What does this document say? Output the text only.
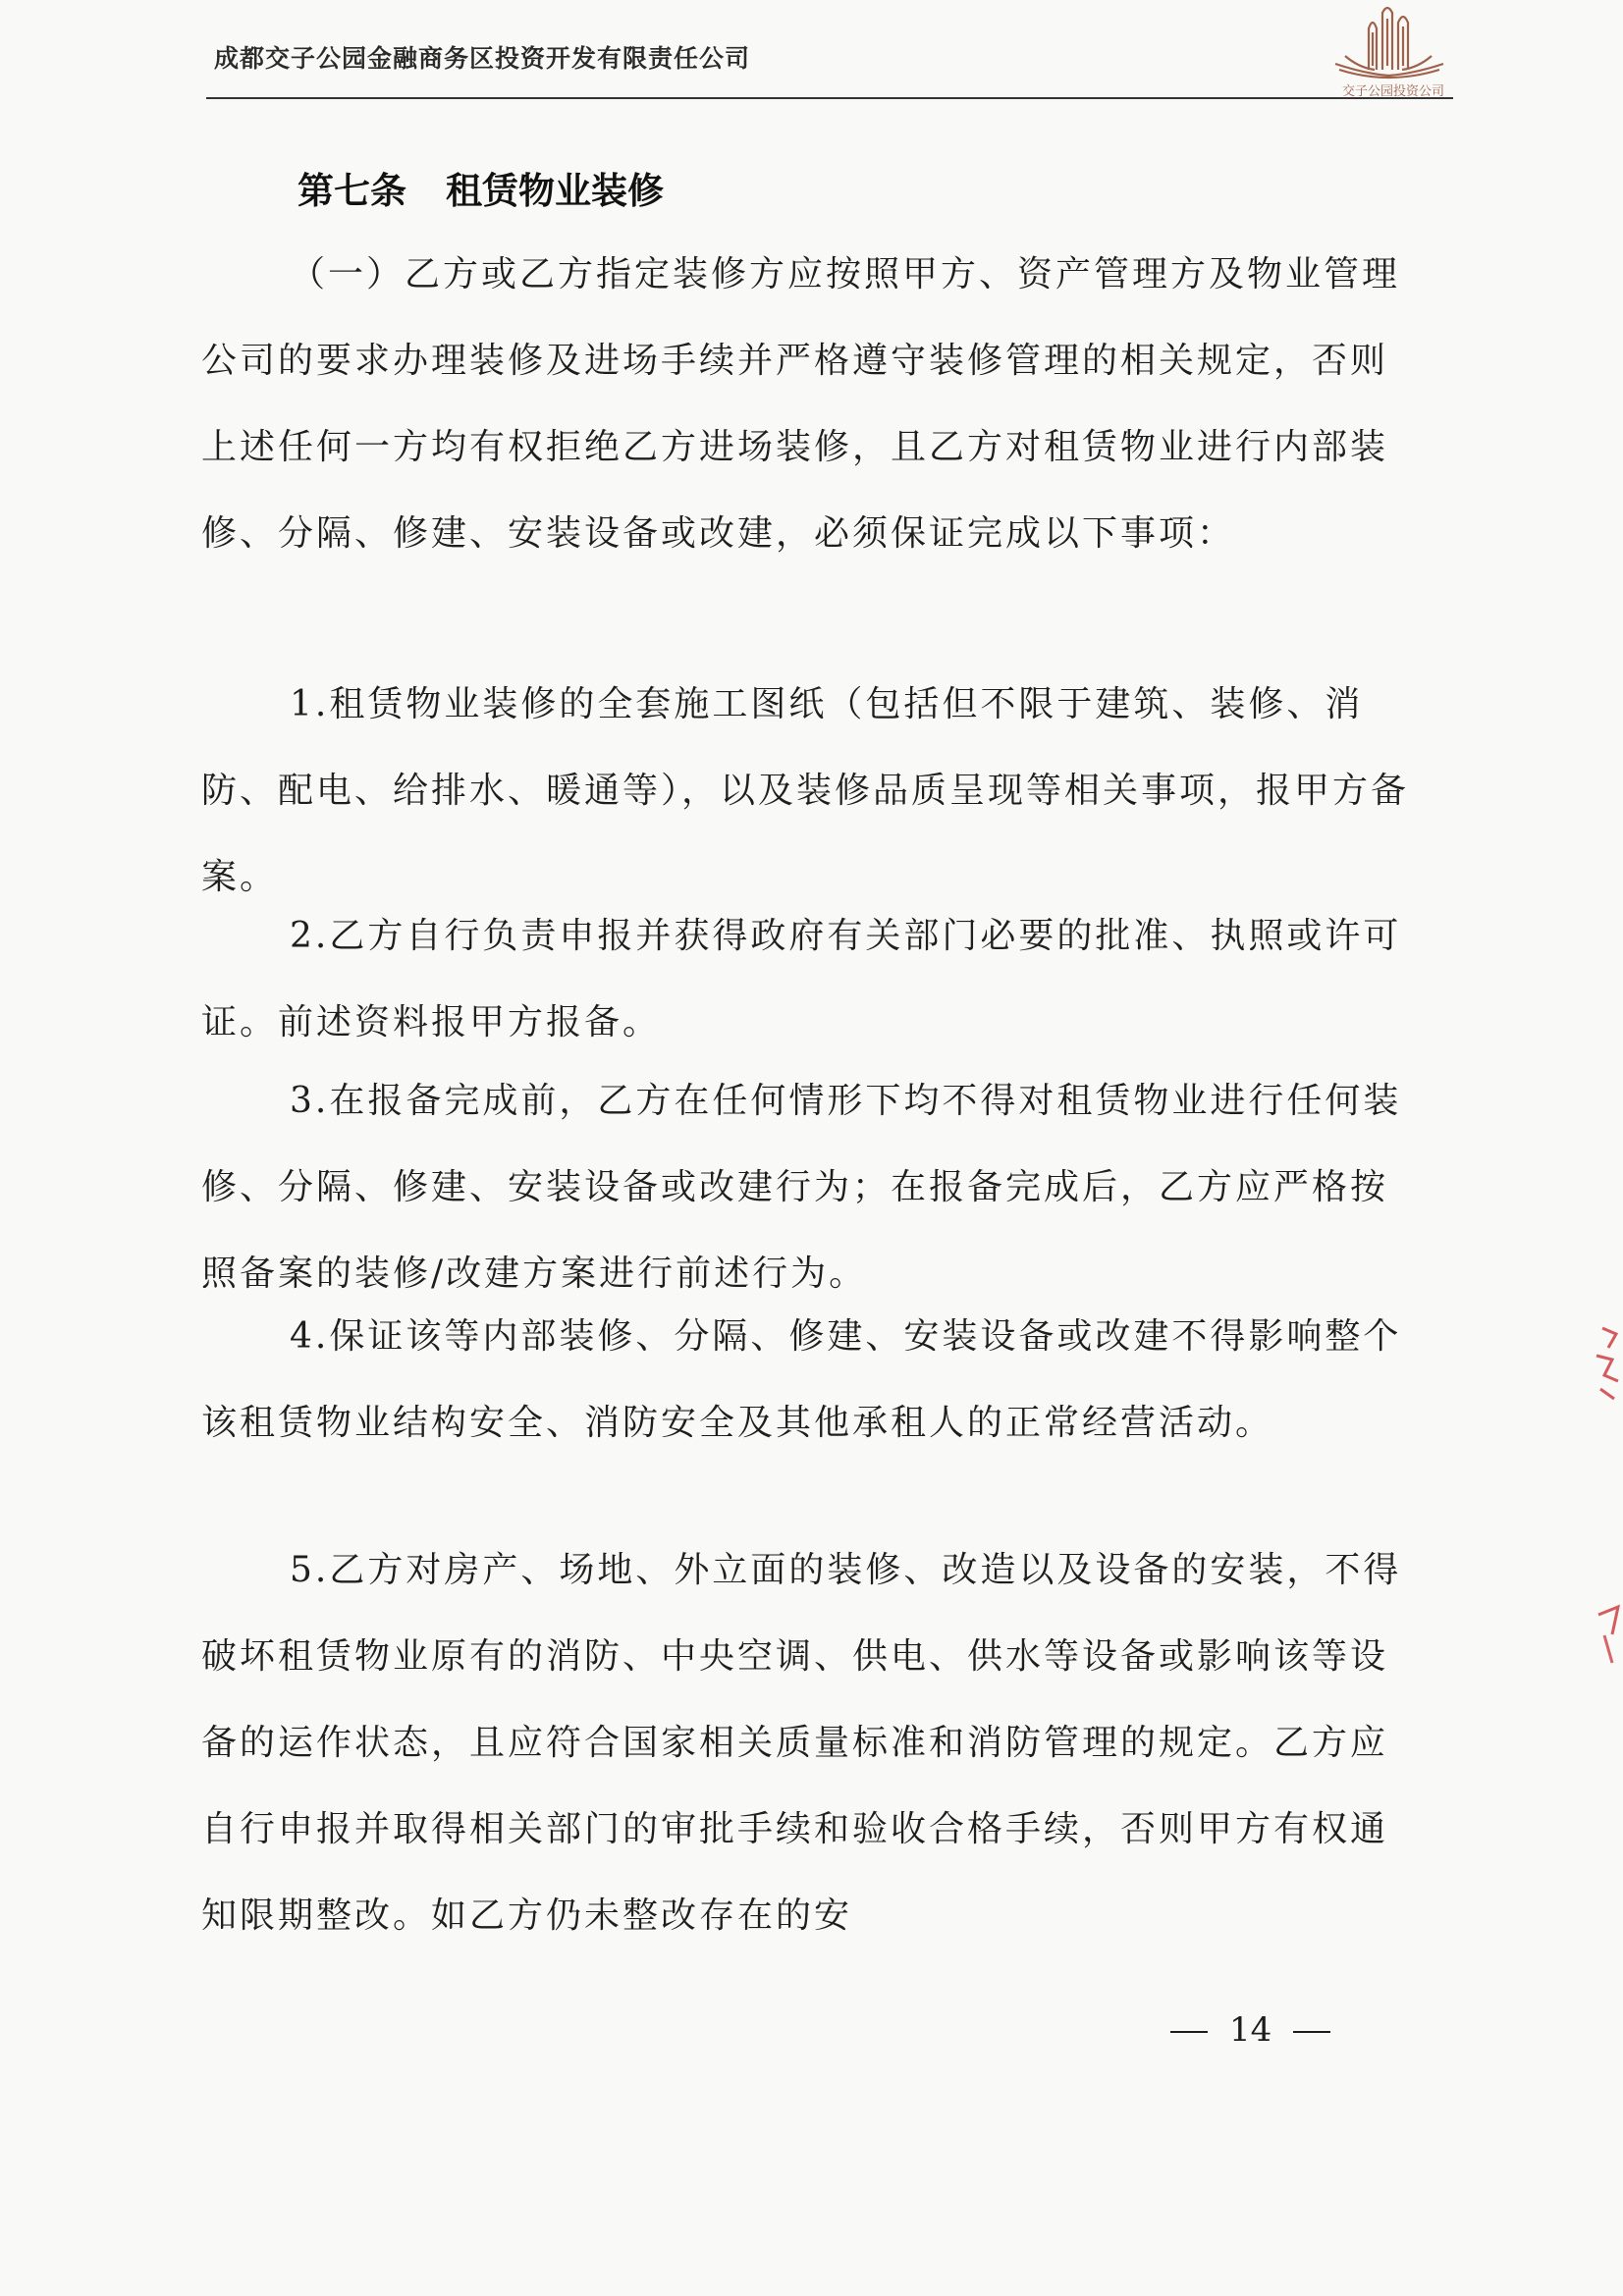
成都交子公园金融商务区投资开发有限责任公司
交子公园投资公司
第七条 租赁物业装修
（一）乙方或乙方指定装修方应按照甲方、资产管理方及物业管理公司的要求办理装修及进场手续并严格遵守装修管理的相关规定，否则上述任何一方均有权拒绝乙方进场装修，且乙方对租赁物业进行内部装修、分隔、修建、安装设备或改建，必须保证完成以下事项：
1.租赁物业装修的全套施工图纸（包括但不限于建筑、装修、消防、配电、给排水、暖通等），以及装修品质呈现等相关事项，报甲方备案。
2.乙方自行负责申报并获得政府有关部门必要的批准、执照或许可证。前述资料报甲方报备。
3.在报备完成前，乙方在任何情形下均不得对租赁物业进行任何装修、分隔、修建、安装设备或改建行为；在报备完成后，乙方应严格按照备案的装修/改建方案进行前述行为。
4.保证该等内部装修、分隔、修建、安装设备或改建不得影响整个该租赁物业结构安全、消防安全及其他承租人的正常经营活动。
5.乙方对房产、场地、外立面的装修、改造以及设备的安装，不得破坏租赁物业原有的消防、中央空调、供电、供水等设备或影响该等设备的运作状态，且应符合国家相关质量标准和消防管理的规定。乙方应自行申报并取得相关部门的审批手续和验收合格手续，否则甲方有权通知限期整改。如乙方仍未整改存在的安
14
